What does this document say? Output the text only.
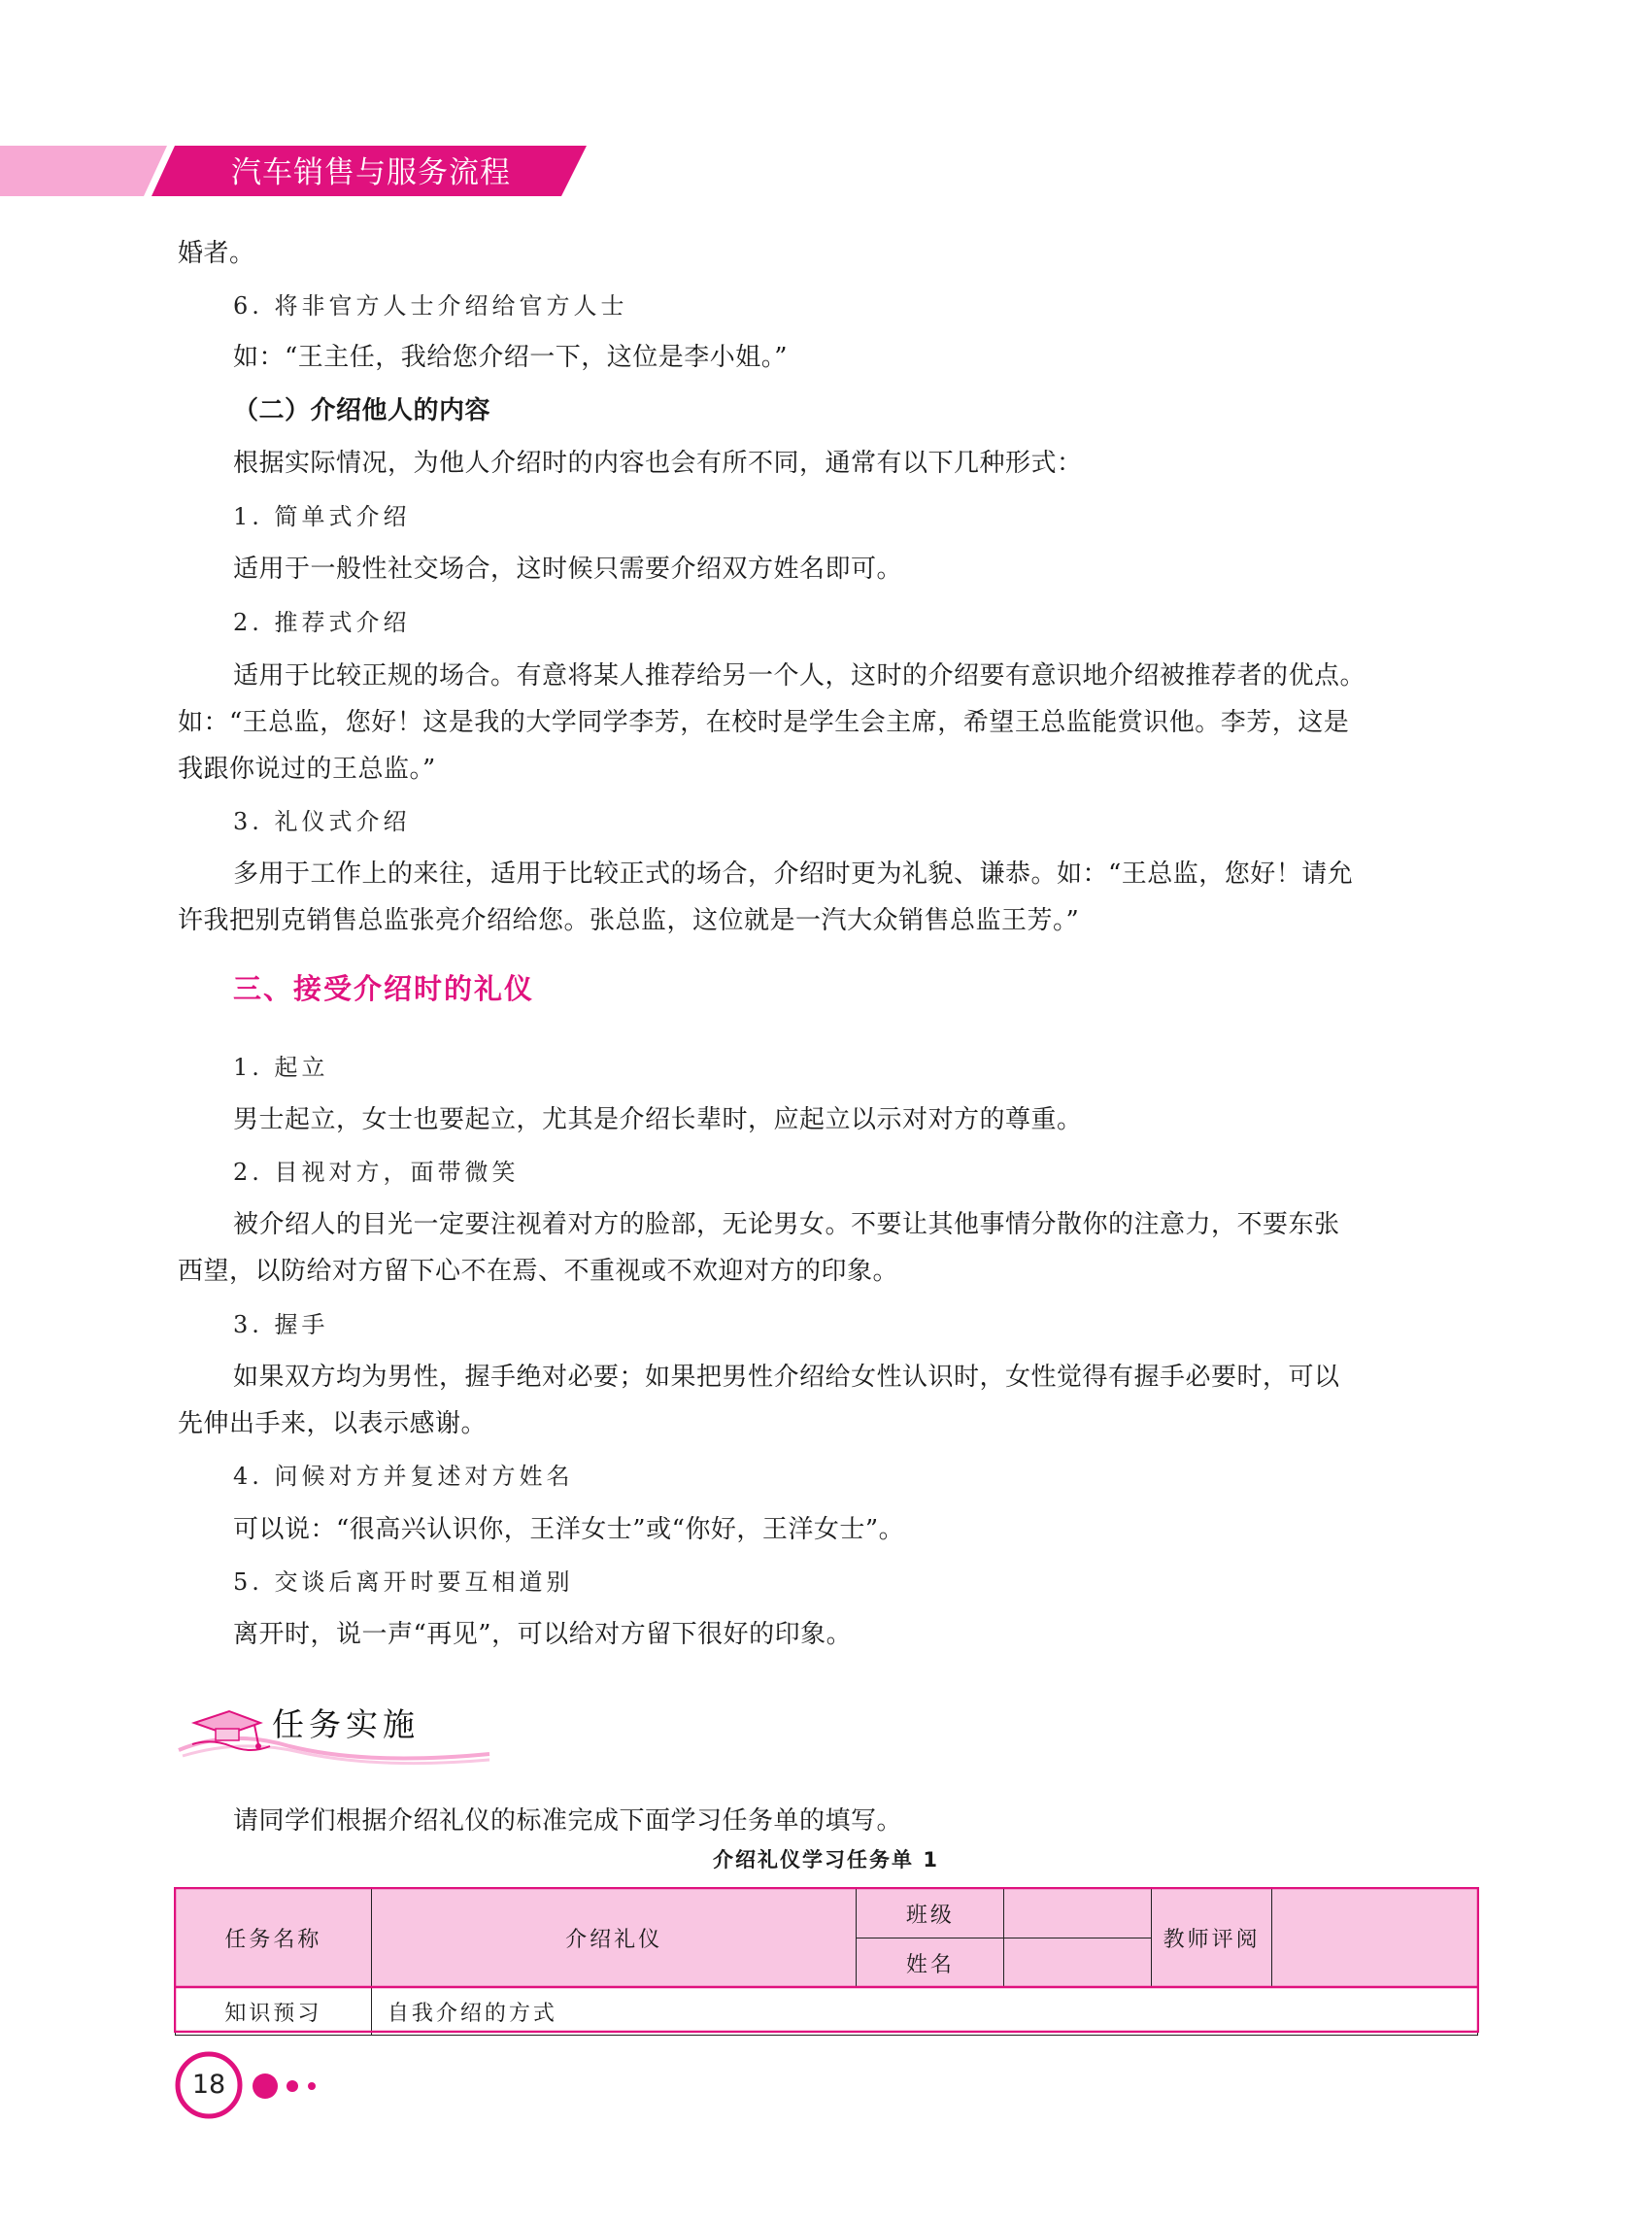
汽车销售与服务流程
婚者。
6. 将非官方人士介绍给官方人士
如：“王主任，我给您介绍一下，这位是李小姐。”
（二）介绍他人的内容
根据实际情况，为他人介绍时的内容也会有所不同，通常有以下几种形式：
1. 简单式介绍
适用于一般性社交场合，这时候只需要介绍双方姓名即可。
2. 推荐式介绍
适用于比较正规的场合。有意将某人推荐给另一个人，这时的介绍要有意识地介绍被推荐者的优点。
如：“王总监，您好！这是我的大学同学李芳，在校时是学生会主席，希望王总监能赏识他。李芳，这是
我跟你说过的王总监。”
3. 礼仪式介绍
多用于工作上的来往，适用于比较正式的场合，介绍时更为礼貌、谦恭。如：“王总监，您好！请允
许我把别克销售总监张亮介绍给您。张总监，这位就是一汽大众销售总监王芳。”
三、接受介绍时的礼仪
1. 起立
男士起立，女士也要起立，尤其是介绍长辈时，应起立以示对对方的尊重。
2. 目视对方，面带微笑
被介绍人的目光一定要注视着对方的脸部，无论男女。不要让其他事情分散你的注意力，不要东张
西望，以防给对方留下心不在焉、不重视或不欢迎对方的印象。
3. 握手
如果双方均为男性，握手绝对必要；如果把男性介绍给女性认识时，女性觉得有握手必要时，可以
先伸出手来，以表示感谢。
4. 问候对方并复述对方姓名
可以说：“很高兴认识你，王洋女士”或“你好，王洋女士”。
5. 交谈后离开时要互相道别
离开时，说一声“再见”，可以给对方留下很好的印象。
任务实施
请同学们根据介绍礼仪的标准完成下面学习任务单的填写。
介绍礼仪学习任务单 1
任务名称	介绍礼仪	班级		教师评阅	
		姓名			
知识预习	自我介绍的方式				
18
